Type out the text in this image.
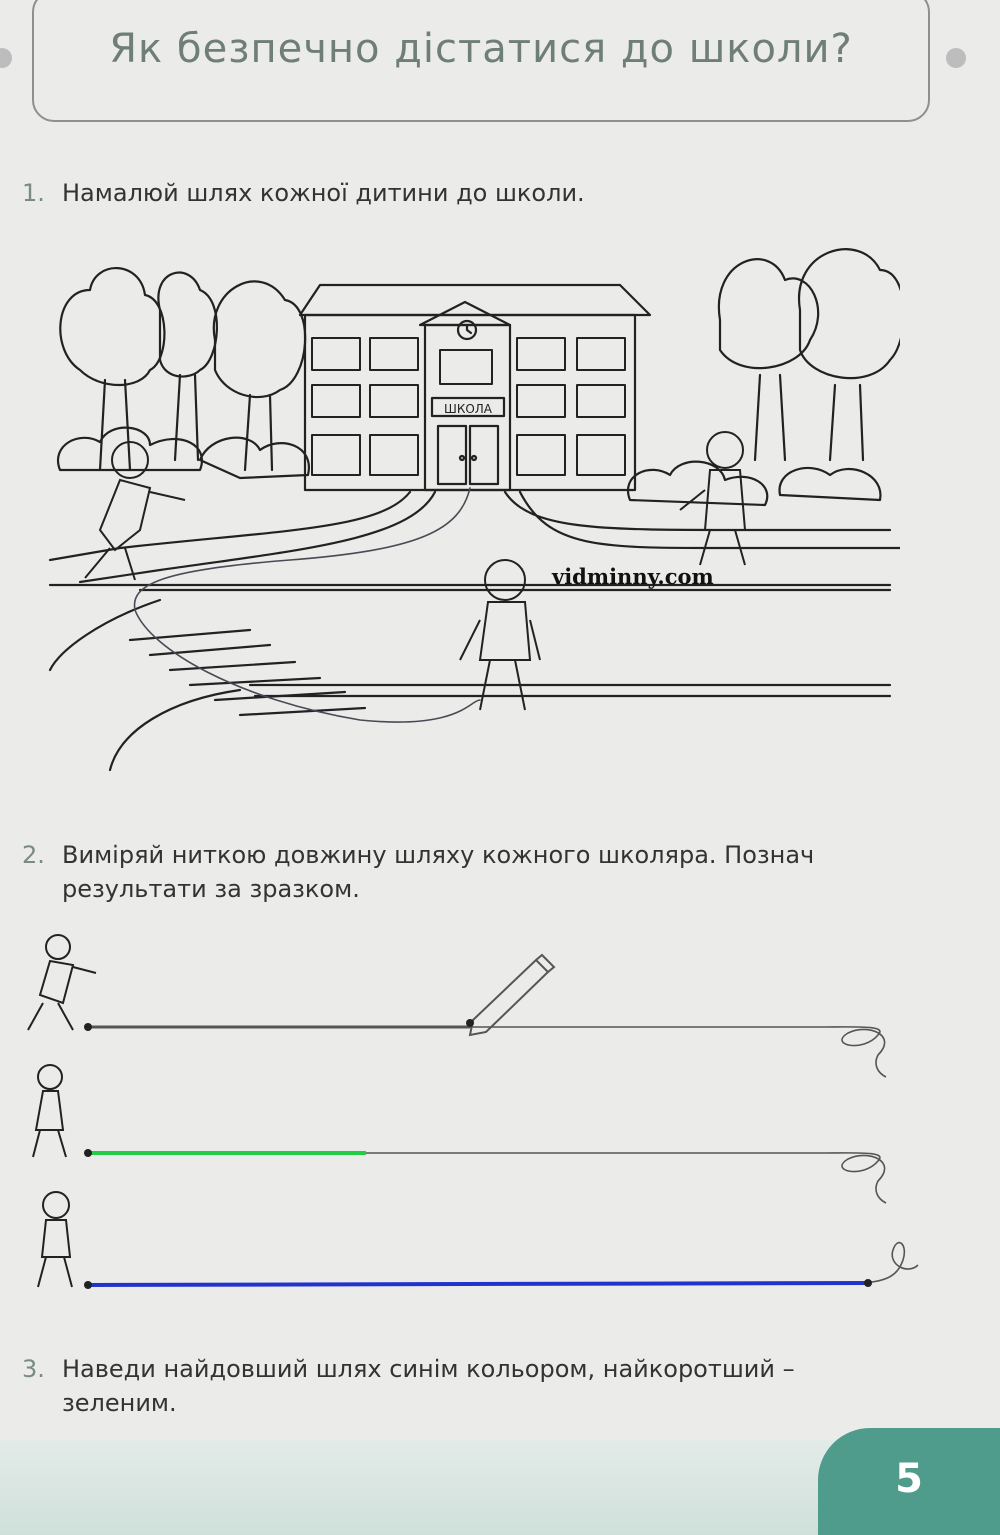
Як безпечно дістатися до школи?
1. Намалюй шлях кожної дитини до школи.
ШКОЛА
vidminny.com
2. Виміряй ниткою довжину шляху кожного школяра. Познач
результати за зразком.
3. Наведи найдовший шлях синім кольором, найкоротший –
зеленим.
5
